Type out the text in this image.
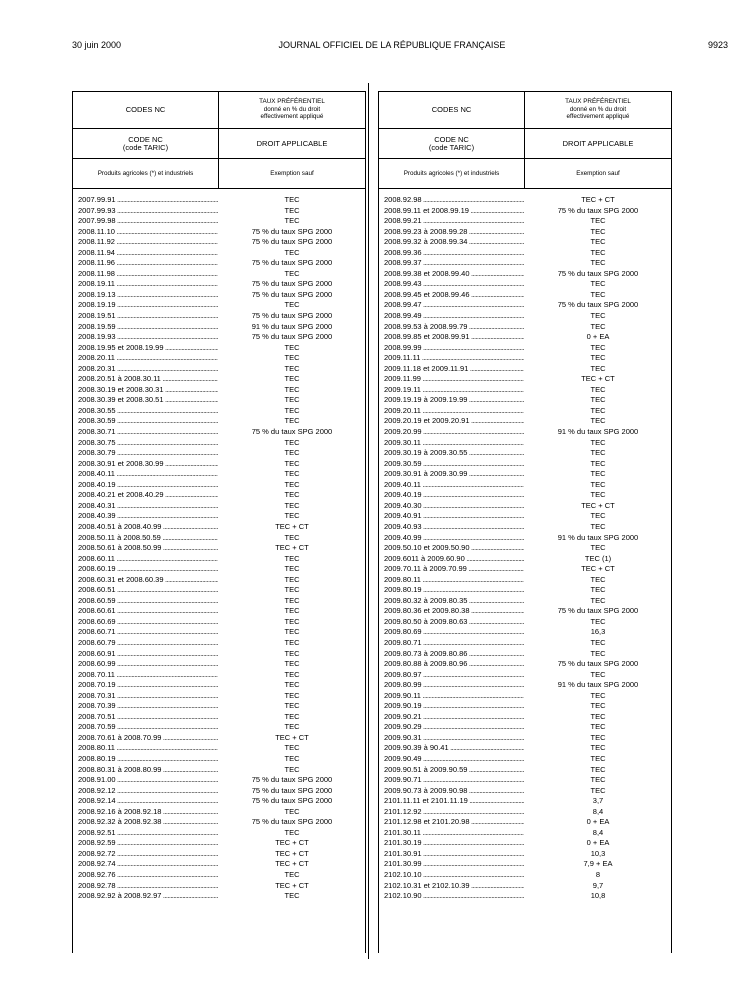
30 juin 2000	JOURNAL OFFICIEL DE LA RÉPUBLIQUE FRANÇAISE	9923
CODES NC
TAUX PRÉFÉRENTIEL
donné en % du droit
effectivement appliqué
CODE NC
(code TARIC)	DROIT APPLICABLE
Produits agricoles (*) et industriels	Exemption sauf
2007.99.91 .....	TEC
2007.99.93 .....	TEC
2007.99.98 .....	TEC
2008.11.10 .....	75 % du taux SPG 2000
2008.11.92 .....	75 % du taux SPG 2000
2008.11.94 .....	TEC
2008.11.96 .....	75 % du taux SPG 2000
2008.11.98 .....	TEC
2008.19.11 .....	75 % du taux SPG 2000
2008.19.13 .....	75 % du taux SPG 2000
2008.19.19 .....	TEC
2008.19.51 .....	75 % du taux SPG 2000
2008.19.59 .....	91 % du taux SPG 2000
2008.19.93 .....	75 % du taux SPG 2000
2008.19.95 et 2008.19.99 .....	TEC
2008.20.11 .....	TEC
2008.20.31 .....	TEC
2008.20.51 à 2008.30.11 .....	TEC
2008.30.19 et 2008.30.31 .....	TEC
2008.30.39 et 2008.30.51 .....	TEC
2008.30.55 .....	TEC
2008.30.59 .....	TEC
2008.30.71 .....	75 % du taux SPG 2000
2008.30.75 .....	TEC
2008.30.79 .....	TEC
2008.30.91 et 2008.30.99 .....	TEC
2008.40.11 .....	TEC
2008.40.19 .....	TEC
2008.40.21 et 2008.40.29 .....	TEC
2008.40.31 .....	TEC
2008.40.39 .....	TEC
2008.40.51 à 2008.40.99 .....	TEC + CT
2008.50.11 à 2008.50.59 .....	TEC
2008.50.61 à 2008.50.99 .....	TEC + CT
2008.60.11 .....	TEC
2008.60.19 .....	TEC
2008.60.31 et 2008.60.39 .....	TEC
2008.60.51 .....	TEC
2008.60.59 .....	TEC
2008.60.61 .....	TEC
2008.60.69 .....	TEC
2008.60.71 .....	TEC
2008.60.79 .....	TEC
2008.60.91 .....	TEC
2008.60.99 .....	TEC
2008.70.11 .....	TEC
2008.70.19 .....	TEC
2008.70.31 .....	TEC
2008.70.39 .....	TEC
2008.70.51 .....	TEC
2008.70.59 .....	TEC
2008.70.61 à 2008.70.99 .....	TEC + CT
2008.80.11 .....	TEC
2008.80.19 .....	TEC
2008.80.31 à 2008.80.99 .....	TEC
2008.91.00 .....	75 % du taux SPG 2000
2008.92.12 .....	75 % du taux SPG 2000
2008.92.14 .....	75 % du taux SPG 2000
2008.92.16 à 2008.92.18 .....	TEC
2008.92.32 à 2008.92.38 .....	75 % du taux SPG 2000
2008.92.51 .....	TEC
2008.92.59 .....	TEC + CT
2008.92.72 .....	TEC + CT
2008.92.74 .....	TEC + CT
2008.92.76 .....	TEC
2008.92.78 .....	TEC + CT
2008.92.92 à 2008.92.97 .....	TEC
CODES NC
TAUX PRÉFÉRENTIEL
donné en % du droit
effectivement appliqué
CODE NC
(code TARIC)	DROIT APPLICABLE
Produits agricoles (*) et industriels	Exemption sauf
2008.92.98 .....	TEC + CT
2008.99.11 et 2008.99.19 .....	75 % du taux SPG 2000
2008.99.21 .....	TEC
2008.99.23 à 2008.99.28 .....	TEC
2008.99.32 à 2008.99.34 .....	TEC
2008.99.36 .....	TEC
2008.99.37 .....	TEC
2008.99.38 et 2008.99.40 .....	75 % du taux SPG 2000
2008.99.43 .....	TEC
2008.99.45 et 2008.99.46 .....	TEC
2008.99.47 .....	75 % du taux SPG 2000
2008.99.49 .....	TEC
2008.99.53 à 2008.99.79 .....	TEC
2008.99.85 et 2008.99.91 .....	0 + EA
2008.99.99 .....	TEC
2009.11.11 .....	TEC
2009.11.18 et 2009.11.91 .....	TEC
2009.11.99 .....	TEC + CT
2009.19.11 .....	TEC
2009.19.19 à 2009.19.99 .....	TEC
2009.20.11 .....	TEC
2009.20.19 et 2009.20.91 .....	TEC
2009.20.99 .....	91 % du taux SPG 2000
2009.30.11 .....	TEC
2009.30.19 à 2009.30.55 .....	TEC
2009.30.59 .....	TEC
2009.30.91 à 2009.30.99 .....	TEC
2009.40.11 .....	TEC
2009.40.19 .....	TEC
2009.40.30 .....	TEC + CT
2009.40.91 .....	TEC
2009.40.93 .....	TEC
2009.40.99 .....	91 % du taux SPG 2000
2009.50.10 et 2009.50.90 .....	TEC
2009.6011 à 2009.60.90 .....	TEC (1)
2009.70.11 à 2009.70.99 .....	TEC + CT
2009.80.11 .....	TEC
2009.80.19 .....	TEC
2009.80.32 à 2009.80.35 .....	TEC
2009.80.36 et 2009.80.38 .....	75 % du taux SPG 2000
2009.80.50 à 2009.80.63 .....	TEC
2009.80.69 .....	16,3
2009.80.71 .....	TEC
2009.80.73 à 2009.80.86 .....	TEC
2009.80.88 à 2009.80.96 .....	75 % du taux SPG 2000
2009.80.97 .....	TEC
2009.80.99 .....	91 % du taux SPG 2000
2009.90.11 .....	TEC
2009.90.19 .....	TEC
2009.90.21 .....	TEC
2009.90.29 .....	TEC
2009.90.31 .....	TEC
2009.90.39 à 90.41 .....	TEC
2009.90.49 .....	TEC
2009.90.51 à 2009.90.59 .....	TEC
2009.90.71 .....	TEC
2009.90.73 à 2009.90.98 .....	TEC
2101.11.11 et 2101.11.19 .....	3,7
2101.12.92 .....	8,4
2101.12.98 et 2101.20.98 .....	0 + EA
2101.30.11 .....	8,4
2101.30.19 .....	0 + EA
2101.30.91 .....	10,3
2101.30.99 .....	7,9 + EA
2102.10.10 .....	8
2102.10.31 et 2102.10.39 .....	9,7
2102.10.90 .....	10,8
